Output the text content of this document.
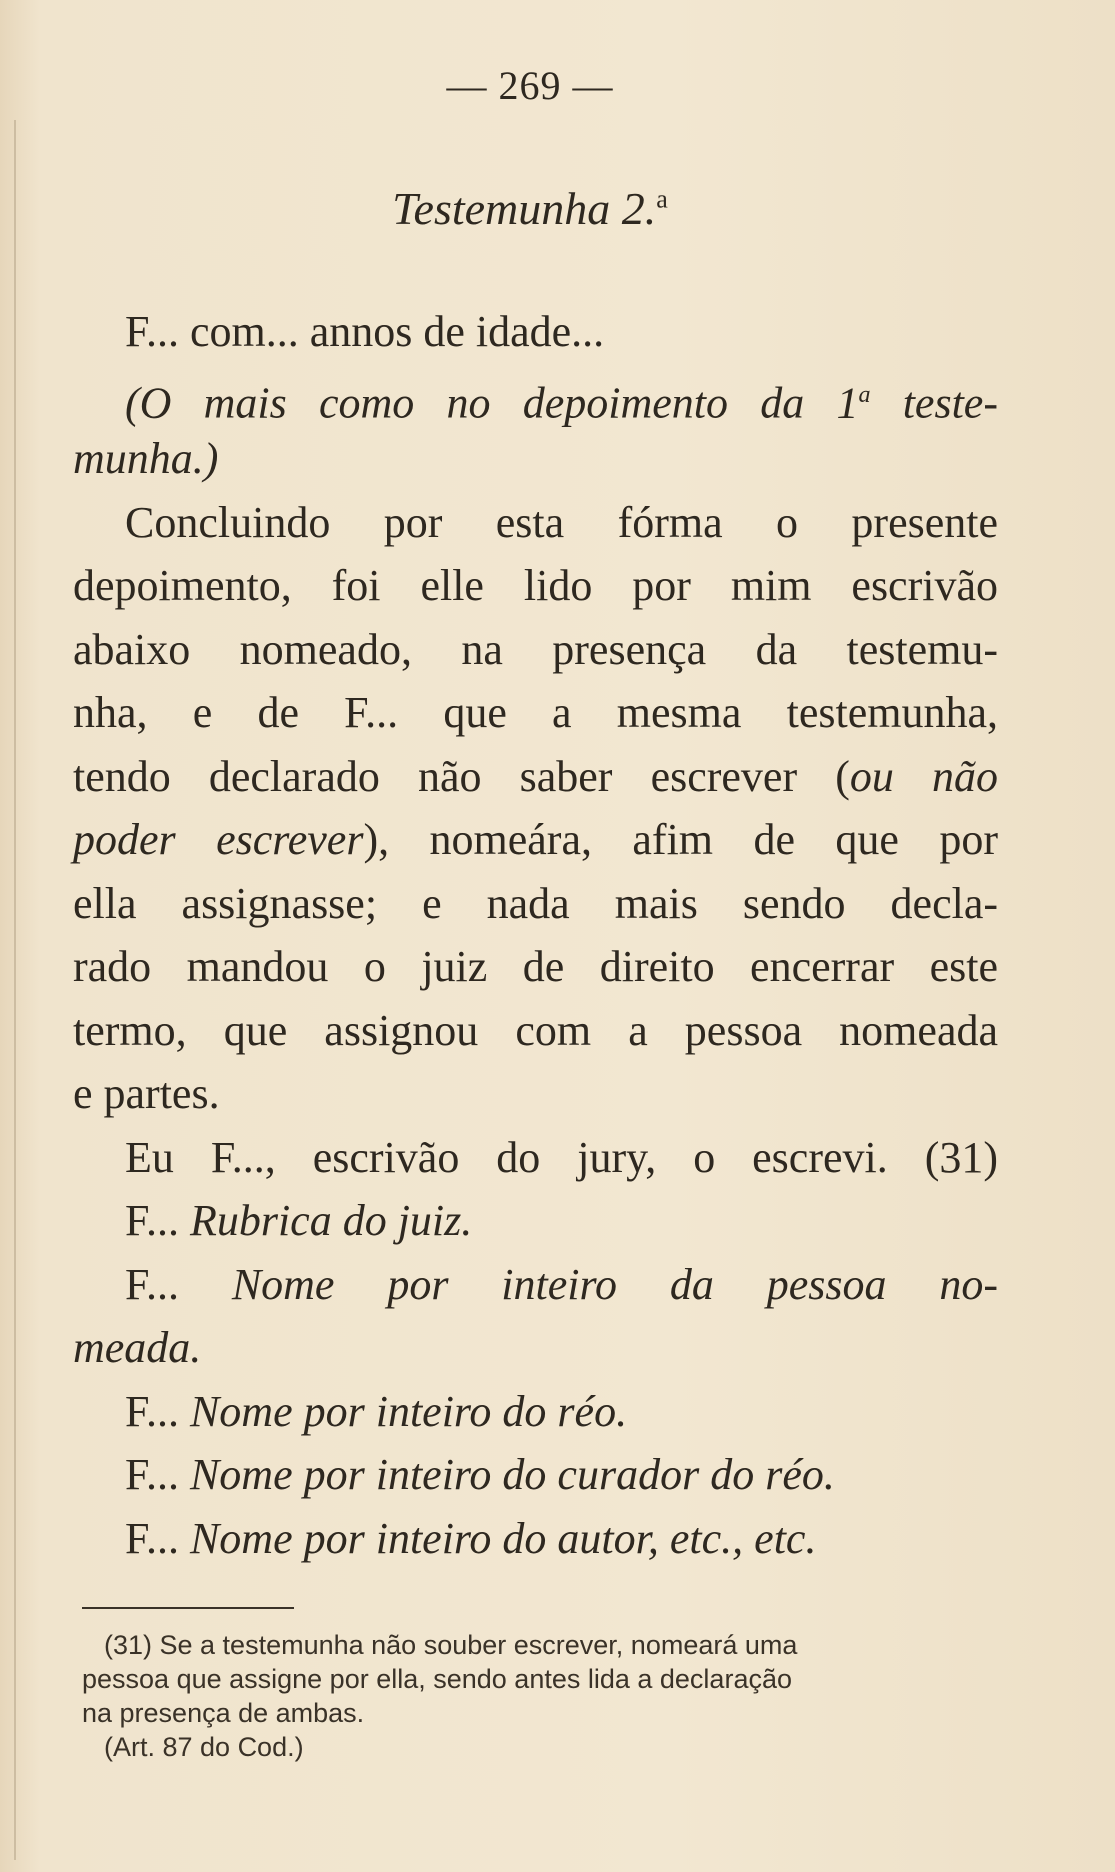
— 269 —
Testemunha 2.$^a$
F... com... annos de idade...
(O mais como no depoimento da 1$^a$ teste-
munha.)
Concluindo por esta fórma o presente
depoimento, foi elle lido por mim escrivão
abaixo nomeado, na presença da testemu-
nha, e de F... que a mesma testemunha,
tendo declarado não saber escrever (ou não
poder escrever), nomeára, afim de que por
ella assignasse; e nada mais sendo decla-
rado mandou o juiz de direito encerrar este
termo, que assignou com a pessoa nomeada
e partes.
Eu F..., escrivão do jury, o escrevi. (31)
F... Rubrica do juiz.
F... Nome por inteiro da pessoa no-
meada.
F... Nome por inteiro do réo.
F... Nome por inteiro do curador do réo.
F... Nome por inteiro do autor, etc., etc.
(31) Se a testemunha não souber escrever, nomeará uma
pessoa que assigne por ella, sendo antes lida a declaração
na presença de ambas.
(Art. 87 do Cod.)
